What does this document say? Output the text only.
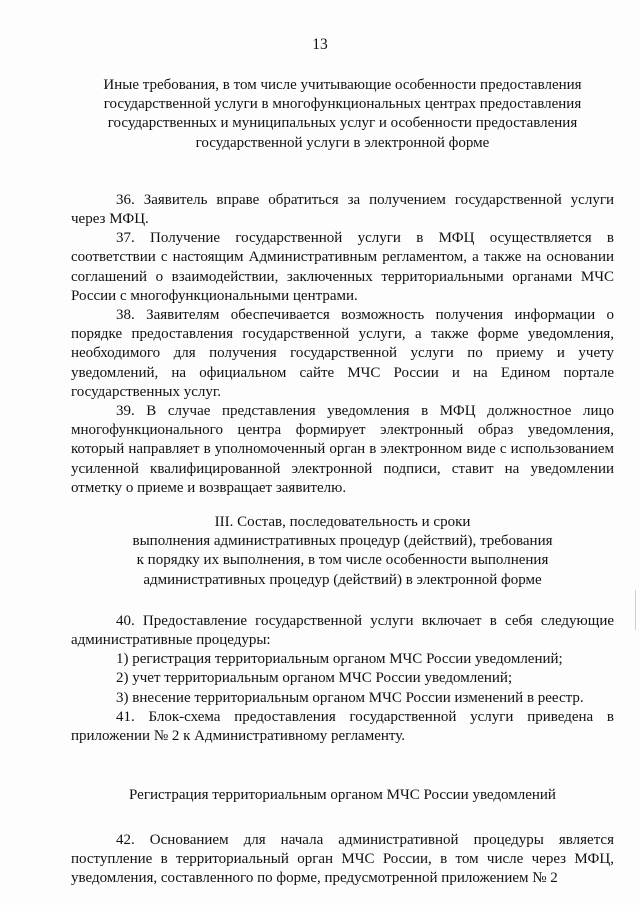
13
Иные требования, в том числе учитывающие особенности предоставления
государственной услуги в многофункциональных центрах предоставления
государственных и муниципальных услуг и особенности предоставления
государственной услуги в электронной форме

36. Заявитель вправе обратиться за получением государственной услуги через МФЦ.

37. Получение государственной услуги в МФЦ осуществляется в соответствии с настоящим Административным регламентом, а также на основании соглашений о взаимодействии, заключенных территориальными органами МЧС России с многофункциональными центрами.

38. Заявителям обеспечивается возможность получения информации о порядке предоставления государственной услуги, а также форме уведомления, необходимого для получения государственной услуги по приему и учету уведомлений, на официальном сайте МЧС России и на Едином портале государственных услуг.

39. В случае представления уведомления в МФЦ должностное лицо многофункционального центра формирует электронный образ уведомления, который направляет в уполномоченный орган в электронном виде с использованием усиленной квалифицированной электронной подписи, ставит на уведомлении отметку о приеме и возвращает заявителю.

III. Состав, последовательность и сроки
выполнения административных процедур (действий), требования
к порядку их выполнения, в том числе особенности выполнения
административных процедур (действий) в электронной форме

40. Предоставление государственной услуги включает в себя следующие административные процедуры:

1) регистрация территориальным органом МЧС России уведомлений;

2) учет территориальным органом МЧС России уведомлений;

3) внесение территориальным органом МЧС России изменений в реестр.

41. Блок-схема предоставления государственной услуги приведена в приложении № 2 к Административному регламенту.

Регистрация территориальным органом МЧС России уведомлений

42. Основанием для начала административной процедуры является поступление в территориальный орган МЧС России, в том числе через МФЦ, уведомления, составленного по форме, предусмотренной приложением № 2
